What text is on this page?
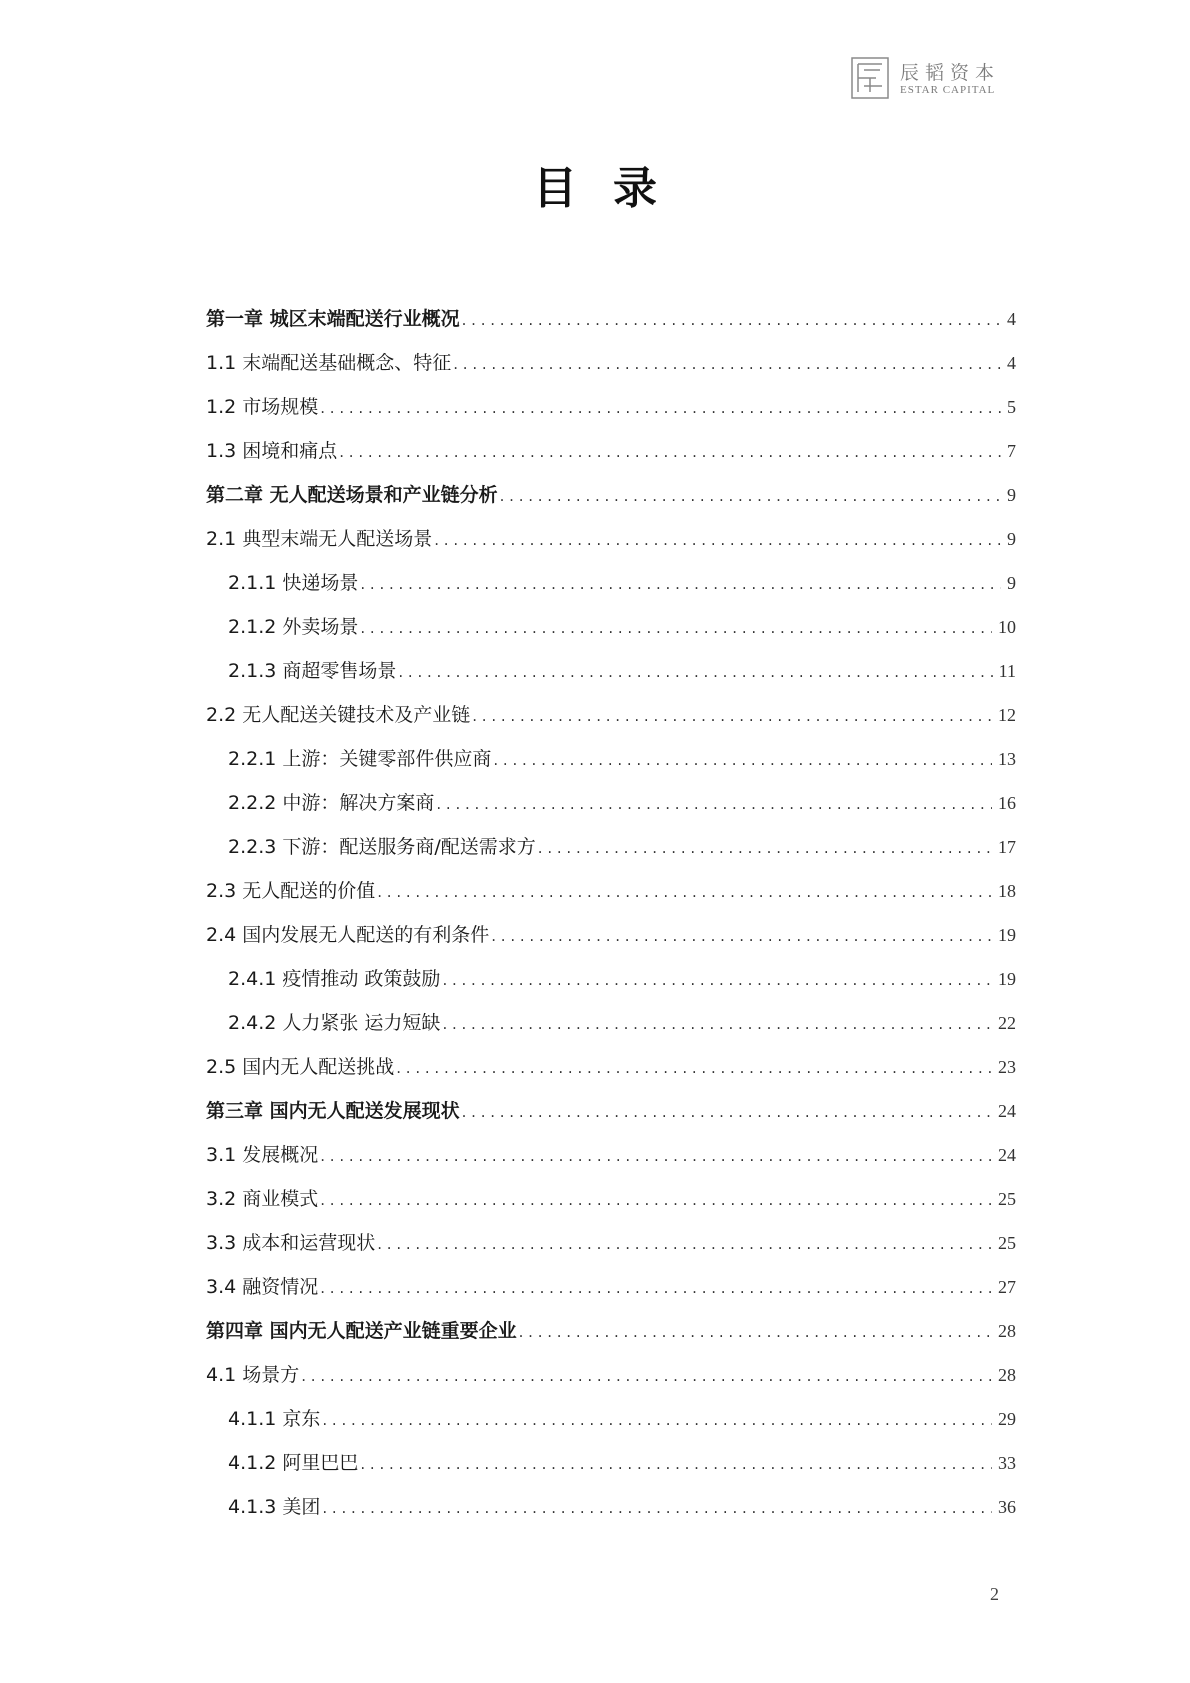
辰韬资本
ESTAR CAPITAL
目录
第一章 城区末端配送行业概况 . . .	4
1.1 末端配送基础概念、特征 . . .	4
1.2 市场规模 . . .	5
1.3 困境和痛点 . . .	7
第二章 无人配送场景和产业链分析 . . .	9
2.1 典型末端无人配送场景 . . .	9
2.1.1 快递场景 . . .	9
2.1.2 外卖场景 . . .	10
2.1.3 商超零售场景 . . .	11
2.2 无人配送关键技术及产业链 . . .	12
2.2.1 上游：关键零部件供应商 . . .	13
2.2.2 中游：解决方案商 . . .	16
2.2.3 下游：配送服务商/配送需求方 . . .	17
2.3 无人配送的价值 . . .	18
2.4 国内发展无人配送的有利条件 . . .	19
2.4.1 疫情推动 政策鼓励 . . .	19
2.4.2 人力紧张 运力短缺 . . .	22
2.5 国内无人配送挑战 . . .	23
第三章 国内无人配送发展现状 . . .	24
3.1 发展概况 . . .	24
3.2 商业模式 . . .	25
3.3 成本和运营现状 . . .	25
3.4 融资情况 . . .	27
第四章 国内无人配送产业链重要企业 . . .	28
4.1 场景方 . . .	28
4.1.1 京东 . . .	29
4.1.2 阿里巴巴 . . .	33
4.1.3 美团 . . .	36
2
